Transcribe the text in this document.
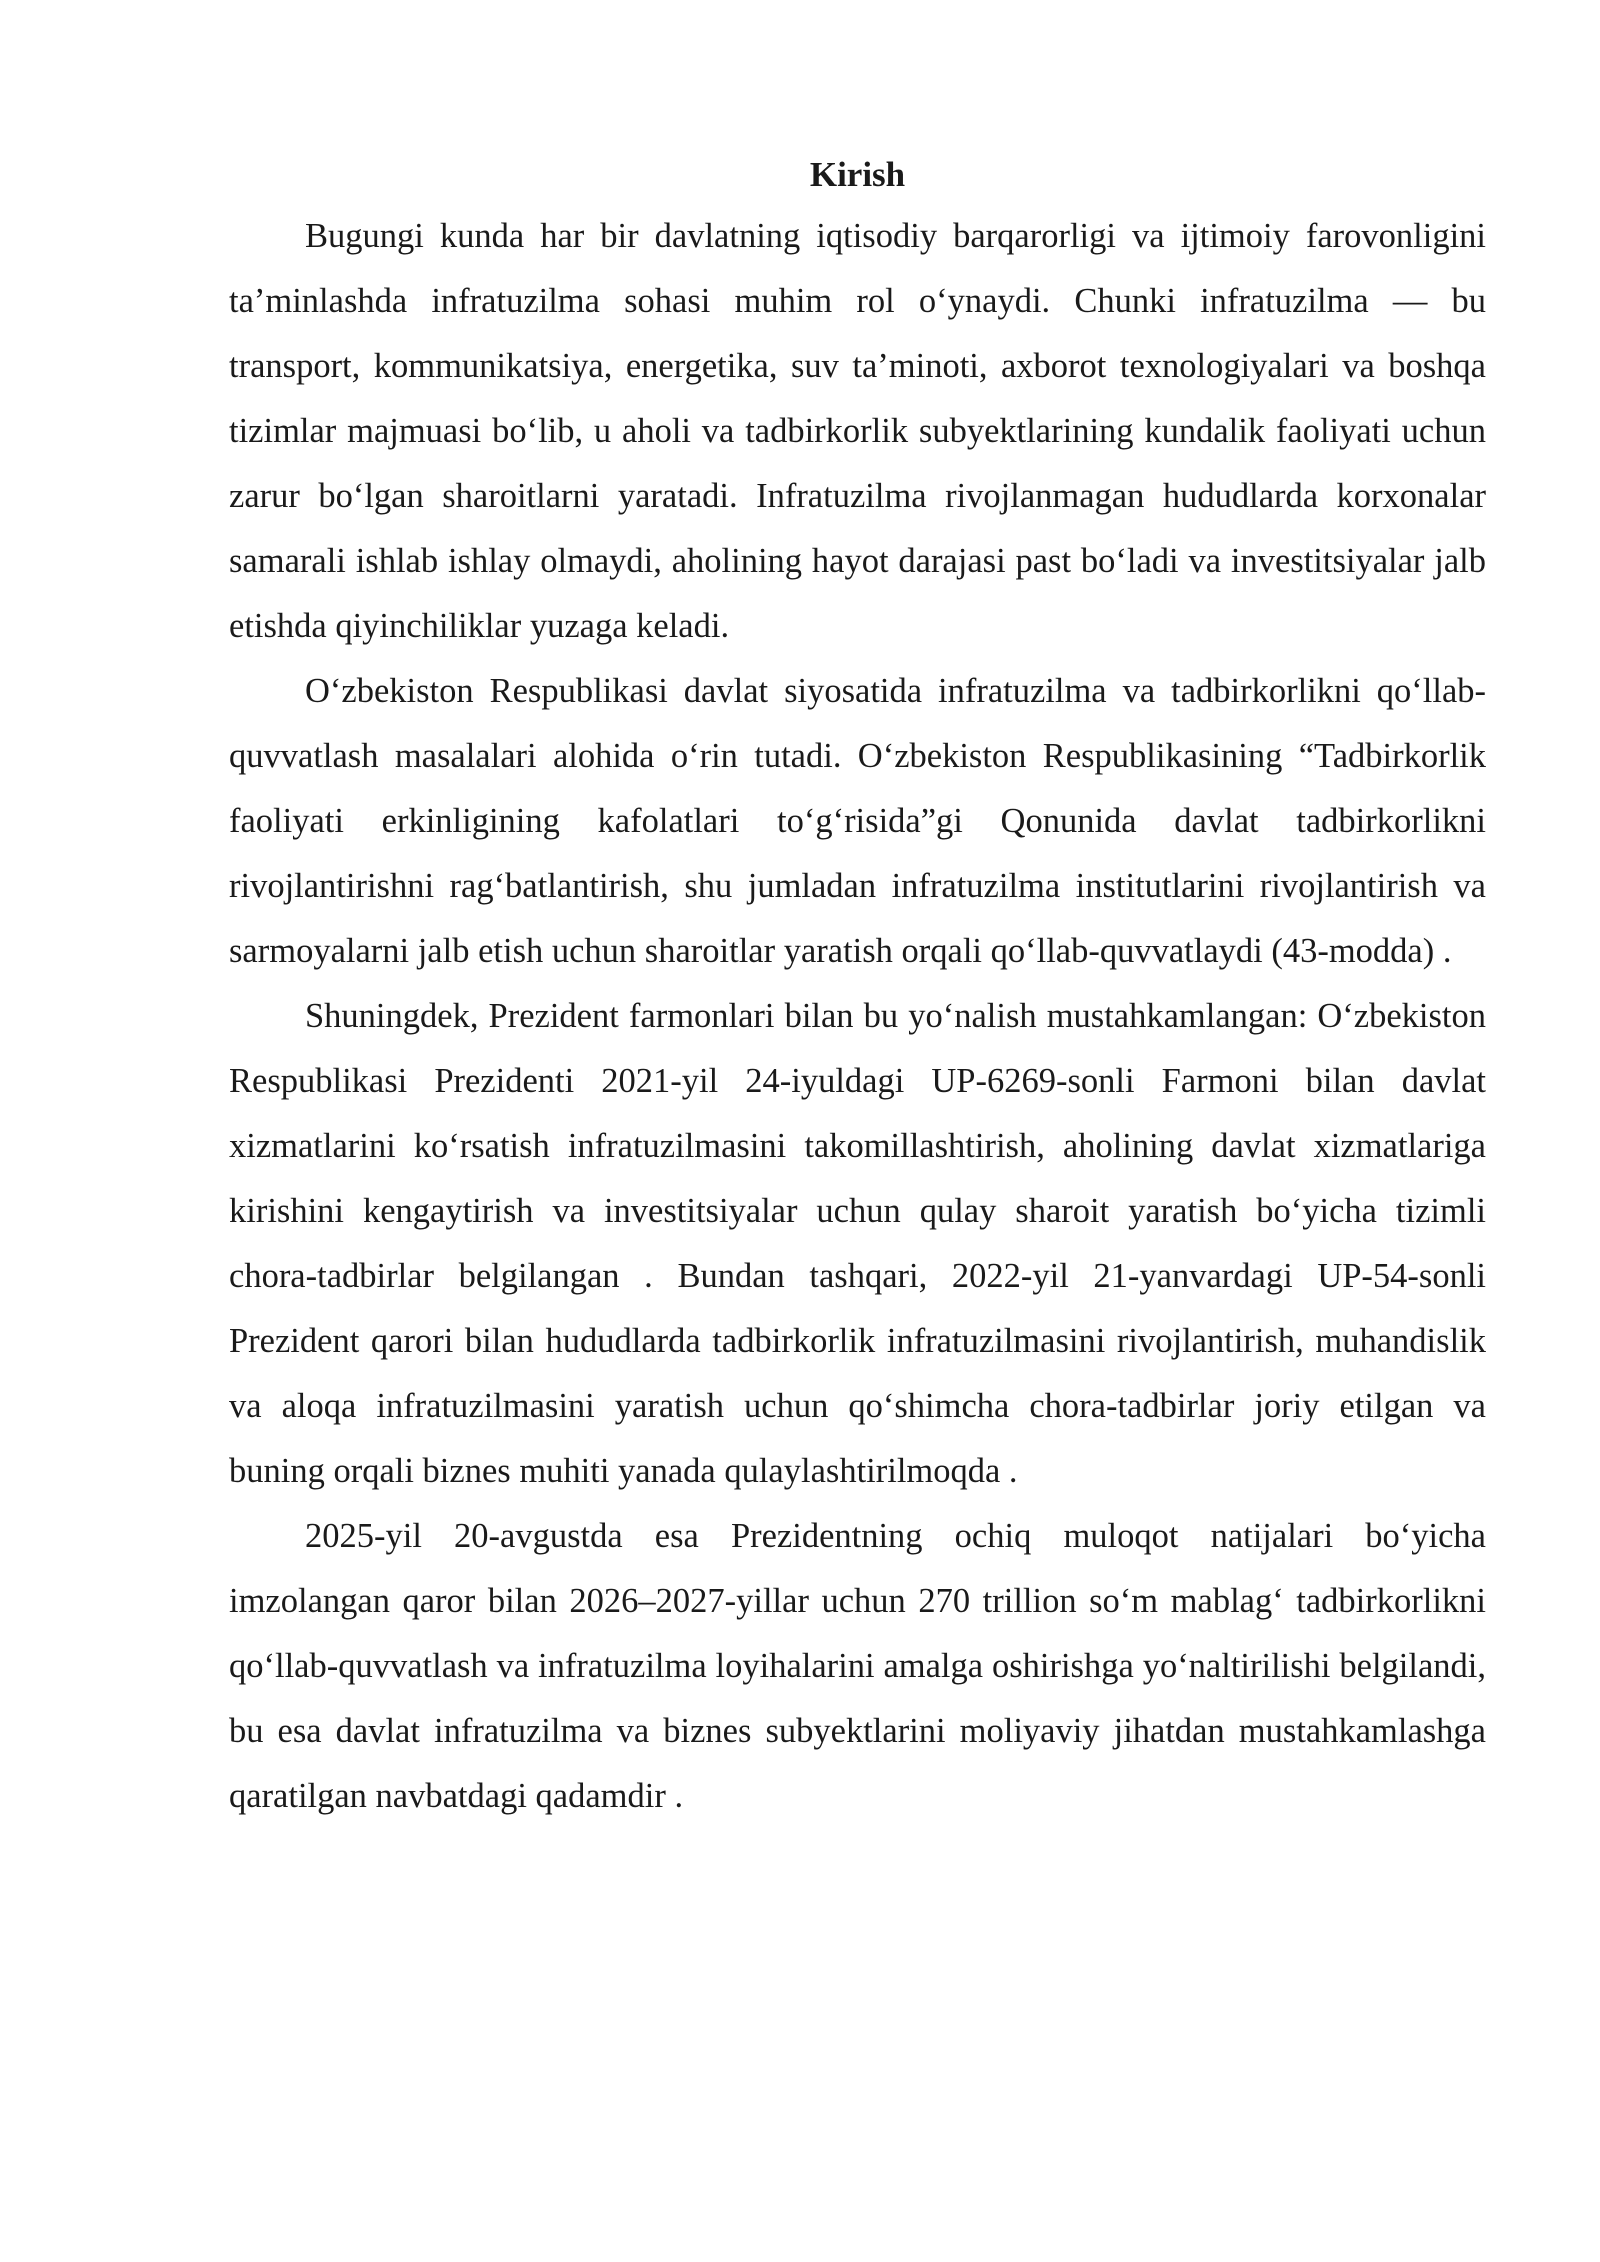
Kirish

Bugungi kunda har bir davlatning iqtisodiy barqarorligi va ijtimoiy farovonligini ta’minlashda infratuzilma sohasi muhim rol o‘ynaydi. Chunki infratuzilma — bu transport, kommunikatsiya, energetika, suv ta’minoti, axborot texnologiyalari va boshqa tizimlar majmuasi bo‘lib, u aholi va tadbirkorlik subyektlarining kundalik faoliyati uchun zarur bo‘lgan sharoitlarni yaratadi. Infratuzilma rivojlanmagan hududlarda korxonalar samarali ishlab ishlay olmaydi, aholining hayot darajasi past bo‘ladi va investitsiyalar jalb etishda qiyinchiliklar yuzaga keladi.

O‘zbekiston Respublikasi davlat siyosatida infratuzilma va tadbirkorlikni qo‘llab-quvvatlash masalalari alohida o‘rin tutadi. O‘zbekiston Respublikasining “Tadbirkorlik faoliyati erkinligining kafolatlari to‘g‘risida”gi Qonunida davlat tadbirkorlikni rivojlantirishni rag‘batlantirish, shu jumladan infratuzilma institutlarini rivojlantirish va sarmoyalarni jalb etish uchun sharoitlar yaratish orqali qo‘llab-quvvatlaydi (43-modda) .

Shuningdek, Prezident farmonlari bilan bu yo‘nalish mustahkamlangan: O‘zbekiston Respublikasi Prezidenti 2021-yil 24-iyuldagi UP-6269-sonli Farmoni bilan davlat xizmatlarini ko‘rsatish infratuzilmasini takomillashtirish, aholining davlat xizmatlariga kirishini kengaytirish va investitsiyalar uchun qulay sharoit yaratish bo‘yicha tizimli chora-tadbirlar belgilangan . Bundan tashqari, 2022-yil 21-yanvardagi UP-54-sonli Prezident qarori bilan hududlarda tadbirkorlik infratuzilmasini rivojlantirish, muhandislik va aloqa infratuzilmasini yaratish uchun qo‘shimcha chora-tadbirlar joriy etilgan va buning orqali biznes muhiti yanada qulaylashtirilmoqda .

2025-yil 20-avgustda esa Prezidentning ochiq muloqot natijalari bo‘yicha imzolangan qaror bilan 2026–2027-yillar uchun 270 trillion so‘m mablag‘ tadbirkorlikni qo‘llab-quvvatlash va infratuzilma loyihalarini amalga oshirishga yo‘naltirilishi belgilandi, bu esa davlat infratuzilma va biznes subyektlarini moliyaviy jihatdan mustahkamlashga qaratilgan navbatdagi qadamdir .
